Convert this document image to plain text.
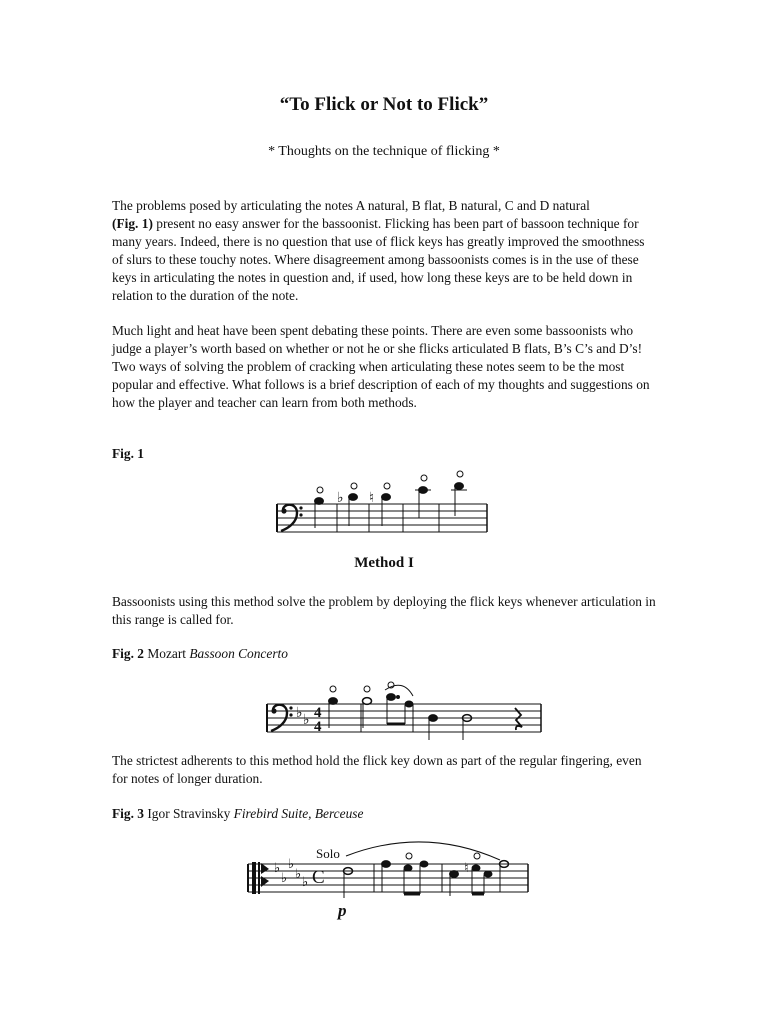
“To Flick or Not to Flick”
* Thoughts on the technique of flicking *

The problems posed by articulating the notes A natural, B flat, B natural, C and D natural
(Fig. 1) present no easy answer for the bassoonist. Flicking has been part of bassoon technique for many years. Indeed, there is no question that use of flick keys has greatly improved the smoothness of slurs to these touchy notes. Where disagreement among bassoonists comes is in the use of these keys in articulating the notes in question and, if used, how long these keys are to be held down in relation to the duration of the note.

Much light and heat have been spent debating these points. There are even some bassoonists who judge a player’s worth based on whether or not he or she flicks articulated B flats, B’s C’s and D’s! Two ways of solving the problem of cracking when articulating these notes seem to be the most popular and effective. What follows is a brief description of each of my thoughts and suggestions on how the player and teacher can learn from both methods.

Fig. 1
♭ ♮
Method I

Bassoonists using this method solve the problem by deploying the flick keys whenever articulation in this range is called for.

Fig. 2 Mozart Bassoon Concerto
♭ ♭ 4
4

The strictest adherents to this method hold the flick key down as part of the regular fingering, even for notes of longer duration.

Fig. 3 Igor Stravinsky Firebird Suite, Berceuse
♭
♭
♭
♭
♭ C
Solo
p
♮
